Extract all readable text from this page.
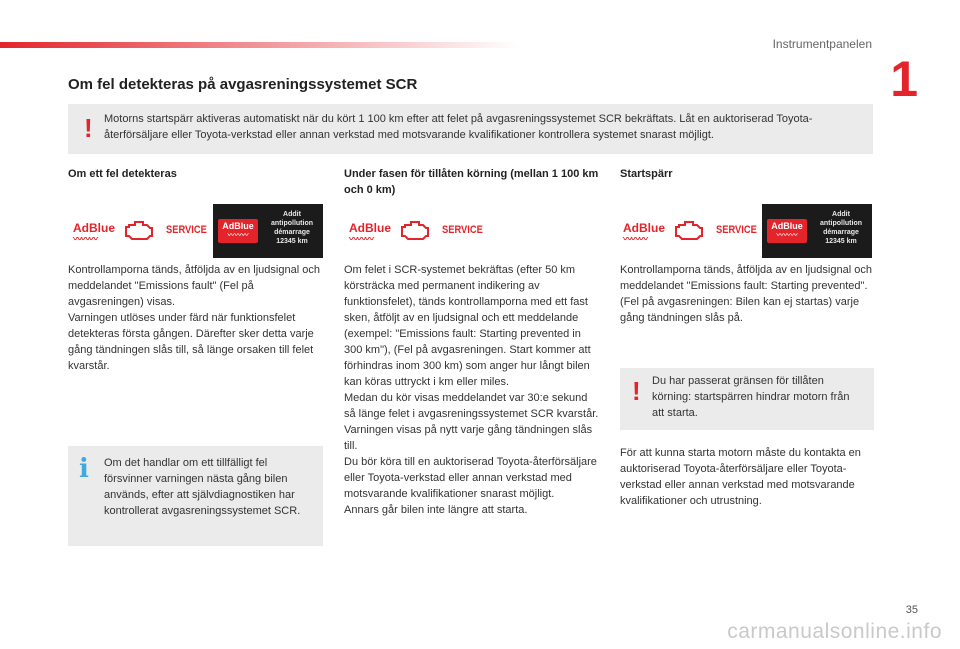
Instrumentpanelen
1
Om fel detekteras på avgasreningssystemet SCR
! Motorns startspärr aktiveras automatiskt när du kört 1 100 km efter att felet på avgasreningssystemet SCR bekräftats. Låt en auktoriserad Toyota-återförsäljare eller Toyota-verkstad eller annan verkstad med motsvarande kvalifikationer kontrollera systemet snarast möjligt.
Om ett fel detekteras
AdBlue
〰〰〰
SERVICE	AdBlue
〰〰〰
Addit
antipollution
démarrage
12345 km

Kontrollamporna tänds, åtföljda av en ljudsignal och meddelandet "Emissions fault" (Fel på avgasreningen) visas.
Varningen utlöses under färd när funktionsfelet detekteras första gången. Därefter sker detta varje gång tändningen slås till, så länge orsaken till felet kvarstår.

Under fasen för tillåten körning (mellan 1 100 km och 0 km)
AdBlue
〰〰〰
SERVICE

Om felet i SCR-systemet bekräftas (efter 50 km körsträcka med permanent indikering av funktionsfelet), tänds kontrollamporna med ett fast sken, åtföljt av en ljudsignal och ett meddelande (exempel: "Emissions fault: Starting prevented in 300 km"), (Fel på avgasreningen. Start kommer att förhindras inom 300 km) som anger hur långt bilen kan köras uttryckt i km eller miles.
Medan du kör visas meddelandet var 30:e sekund så länge felet i avgasreningssystemet SCR kvarstår.
Varningen visas på nytt varje gång tändningen slås till.
Du bör köra till en auktoriserad Toyota-återförsäljare eller Toyota-verkstad eller annan verkstad med motsvarande kvalifikationer snarast möjligt.
Annars går bilen inte längre att starta.

Startspärr
AdBlue
〰〰〰
SERVICE	AdBlue
〰〰〰
Addit
antipollution
démarrage
12345 km

Kontrollamporna tänds, åtföljda av en ljudsignal och meddelandet "Emissions fault: Starting prevented". (Fel på avgasreningen: Bilen kan ej startas) varje gång tändningen slås på.

i Om det handlar om ett tillfälligt fel försvinner varningen nästa gång bilen används, efter att självdiagnostiken har kontrollerat avgasreningssystemet SCR.
! Du har passerat gränsen för tillåten körning: startspärren hindrar motorn från att starta.

För att kunna starta motorn måste du kontakta en auktoriserad Toyota-återförsäljare eller Toyota-verkstad eller annan verkstad med motsvarande kvalifikationer och utrustning.

35
carmanualsonline.info
